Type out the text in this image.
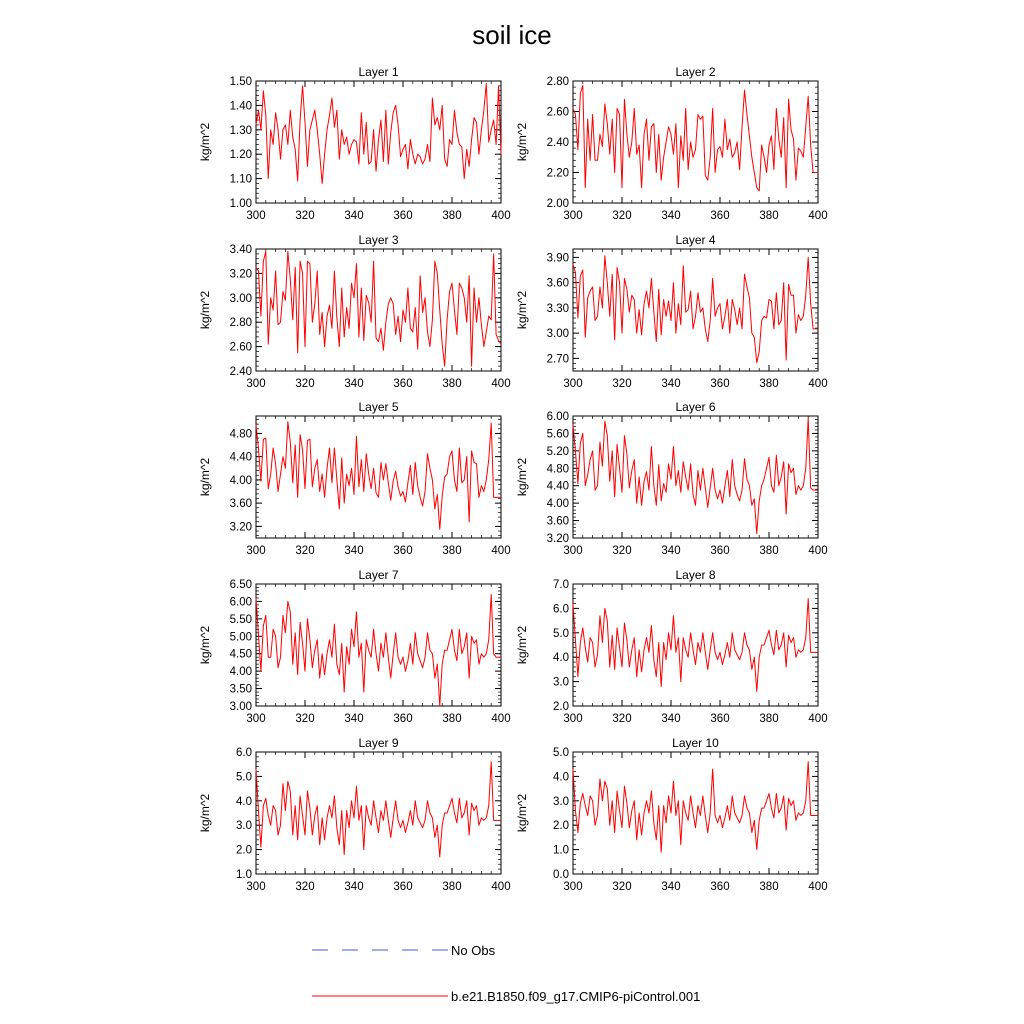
soil ice
Layer 1
300	320	340	360	380	400
1.00
1.10
1.20
1.30
1.40
1.50
kg/m^2
Layer 2
300	320	340	360	380	400
2.00
2.20
2.40
2.60
2.80
kg/m^2
Layer 3
300	320	340	360	380	400
2.40
2.60
2.80
3.00
3.20
3.40
kg/m^2
Layer 4
300	320	340	360	380	400
2.70
3.00
3.30
3.60
3.90
kg/m^2
Layer 5
300	320	340	360	380	400
3.20
3.60
4.00
4.40
4.80
kg/m^2
Layer 6
300	320	340	360	380	400
3.20
3.60
4.00
4.40
4.80
5.20
5.60
6.00
kg/m^2
Layer 7
300	320	340	360	380	400
3.00
3.50
4.00
4.50
5.00
5.50
6.00
6.50
kg/m^2
Layer 8
300	320	340	360	380	400
2.0
3.0
4.0
5.0
6.0
7.0
kg/m^2
Layer 9
300	320	340	360	380	400
1.0
2.0
3.0
4.0
5.0
6.0
kg/m^2
Layer 10
300	320	340	360	380	400
0.0
1.0
2.0
3.0
4.0
5.0
kg/m^2
No Obs
b.e21.B1850.f09_g17.CMIP6-piControl.001
